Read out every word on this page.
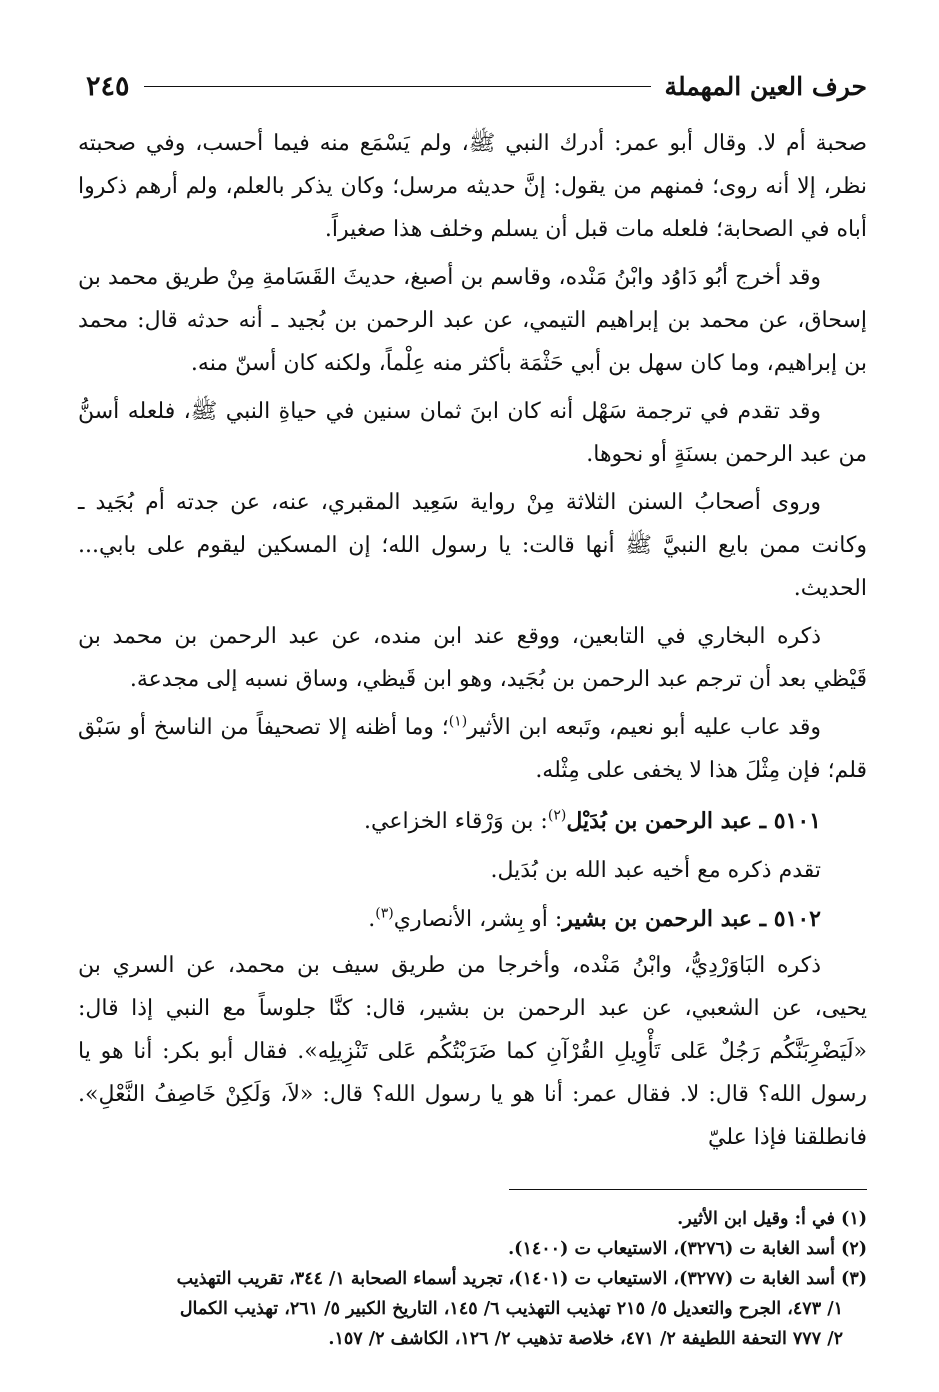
حرف العين المهملة
٢٤٥

صحبة أم لا. وقال أبو عمر: أدرك النبي ﷺ، ولم يَسْمَع منه فيما أحسب، وفي صحبته نظر، إلا أنه روى؛ فمنهم من يقول: إنَّ حديثه مرسل؛ وكان يذكر بالعلم، ولم أرهم ذكروا أباه في الصحابة؛ فلعله مات قبل أن يسلم وخلف هذا صغيراً.

وقد أخرج أبُو دَاوُد وابْنُ مَنْده، وقاسم بن أصبغ، حديثَ القَسَامةِ مِنْ طريق محمد بن إسحاق، عن محمد بن إبراهيم التيمي، عن عبد الرحمن بن بُجيد ـ أنه حدثه قال: محمد بن إبراهيم، وما كان سهل بن أبي حَثْمَة بأكثر منه عِلْماً، ولكنه كان أسنّ منه.

وقد تقدم في ترجمة سَهْل أنه كان ابنَ ثمان سنين في حياةِ النبي ﷺ، فلعله أسنُّ من عبد الرحمن بسنَةٍ أو نحوها.

وروى أصحابُ السنن الثلاثة مِنْ رواية سَعِيد المقبري، عنه، عن جدته أم بُجَيد ـ وكانت ممن بايع النبيَّ ﷺ أنها قالت: يا رسول الله؛ إن المسكين ليقوم على بابي... الحديث.

ذكره البخاري في التابعين، ووقع عند ابن منده، عن عبد الرحمن بن محمد بن قَيْظي بعد أن ترجم عبد الرحمن بن بُجَيد، وهو ابن قَيظي، وساق نسبه إلى مجدعة.

وقد عاب عليه أبو نعيم، وتَبعه ابن الأثير$^{(١)}$؛ وما أظنه إلا تصحيفاً من الناسخ أو سَبْق قلم؛ فإن مِثْلَ هذا لا يخفى على مِثْله.

٥١٠١ ـ عبد الرحمن بن بُدَيْل$^{(٢)}$: بن وَرْقاء الخزاعي.

تقدم ذكره مع أخيه عبد الله بن بُدَيل.

٥١٠٢ ـ عبد الرحمن بن بشير: أو بِشر، الأنصاري$^{(٣)}$.

ذكره البَاوَرْدِيُّ، وابْنُ مَنْده، وأخرجا من طريق سيف بن محمد، عن السري بن يحيى، عن الشعبي، عن عبد الرحمن بن بشير، قال: كنَّا جلوساً مع النبي إذا قال: «لَيَضْرِبَنَّكُم رَجُلٌ عَلى تَأْوِيلِ القُرْآنِ كما ضَرَبْتُكُم عَلى تَنْزِيلِه». فقال أبو بكر: أنا هو يا رسول الله؟ قال: لا. فقال عمر: أنا هو يا رسول الله؟ قال: «لاَ، وَلَكِنْ خَاصِفُ النَّعْلِ». فانطلقنا فإذا عليّ

(١) في أ: وقيل ابن الأثير.
(٢) أسد الغابة ت (٣٢٧٦)، الاستيعاب ت (١٤٠٠).
(٣) أسد الغابة ت (٣٢٧٧)، الاستيعاب ت (١٤٠١)، تجريد أسماء الصحابة ١/ ٣٤٤، تقريب التهذيب
١/ ٤٧٣، الجرح والتعديل ٥/ ٢١٥ تهذيب التهذيب ٦/ ١٤٥، التاريخ الكبير ٥/ ٢٦١، تهذيب الكمال
٢/ ٧٧٧ التحفة اللطيفة ٢/ ٤٧١، خلاصة تذهيب ٢/ ١٢٦، الكاشف ٢/ ١٥٧.
